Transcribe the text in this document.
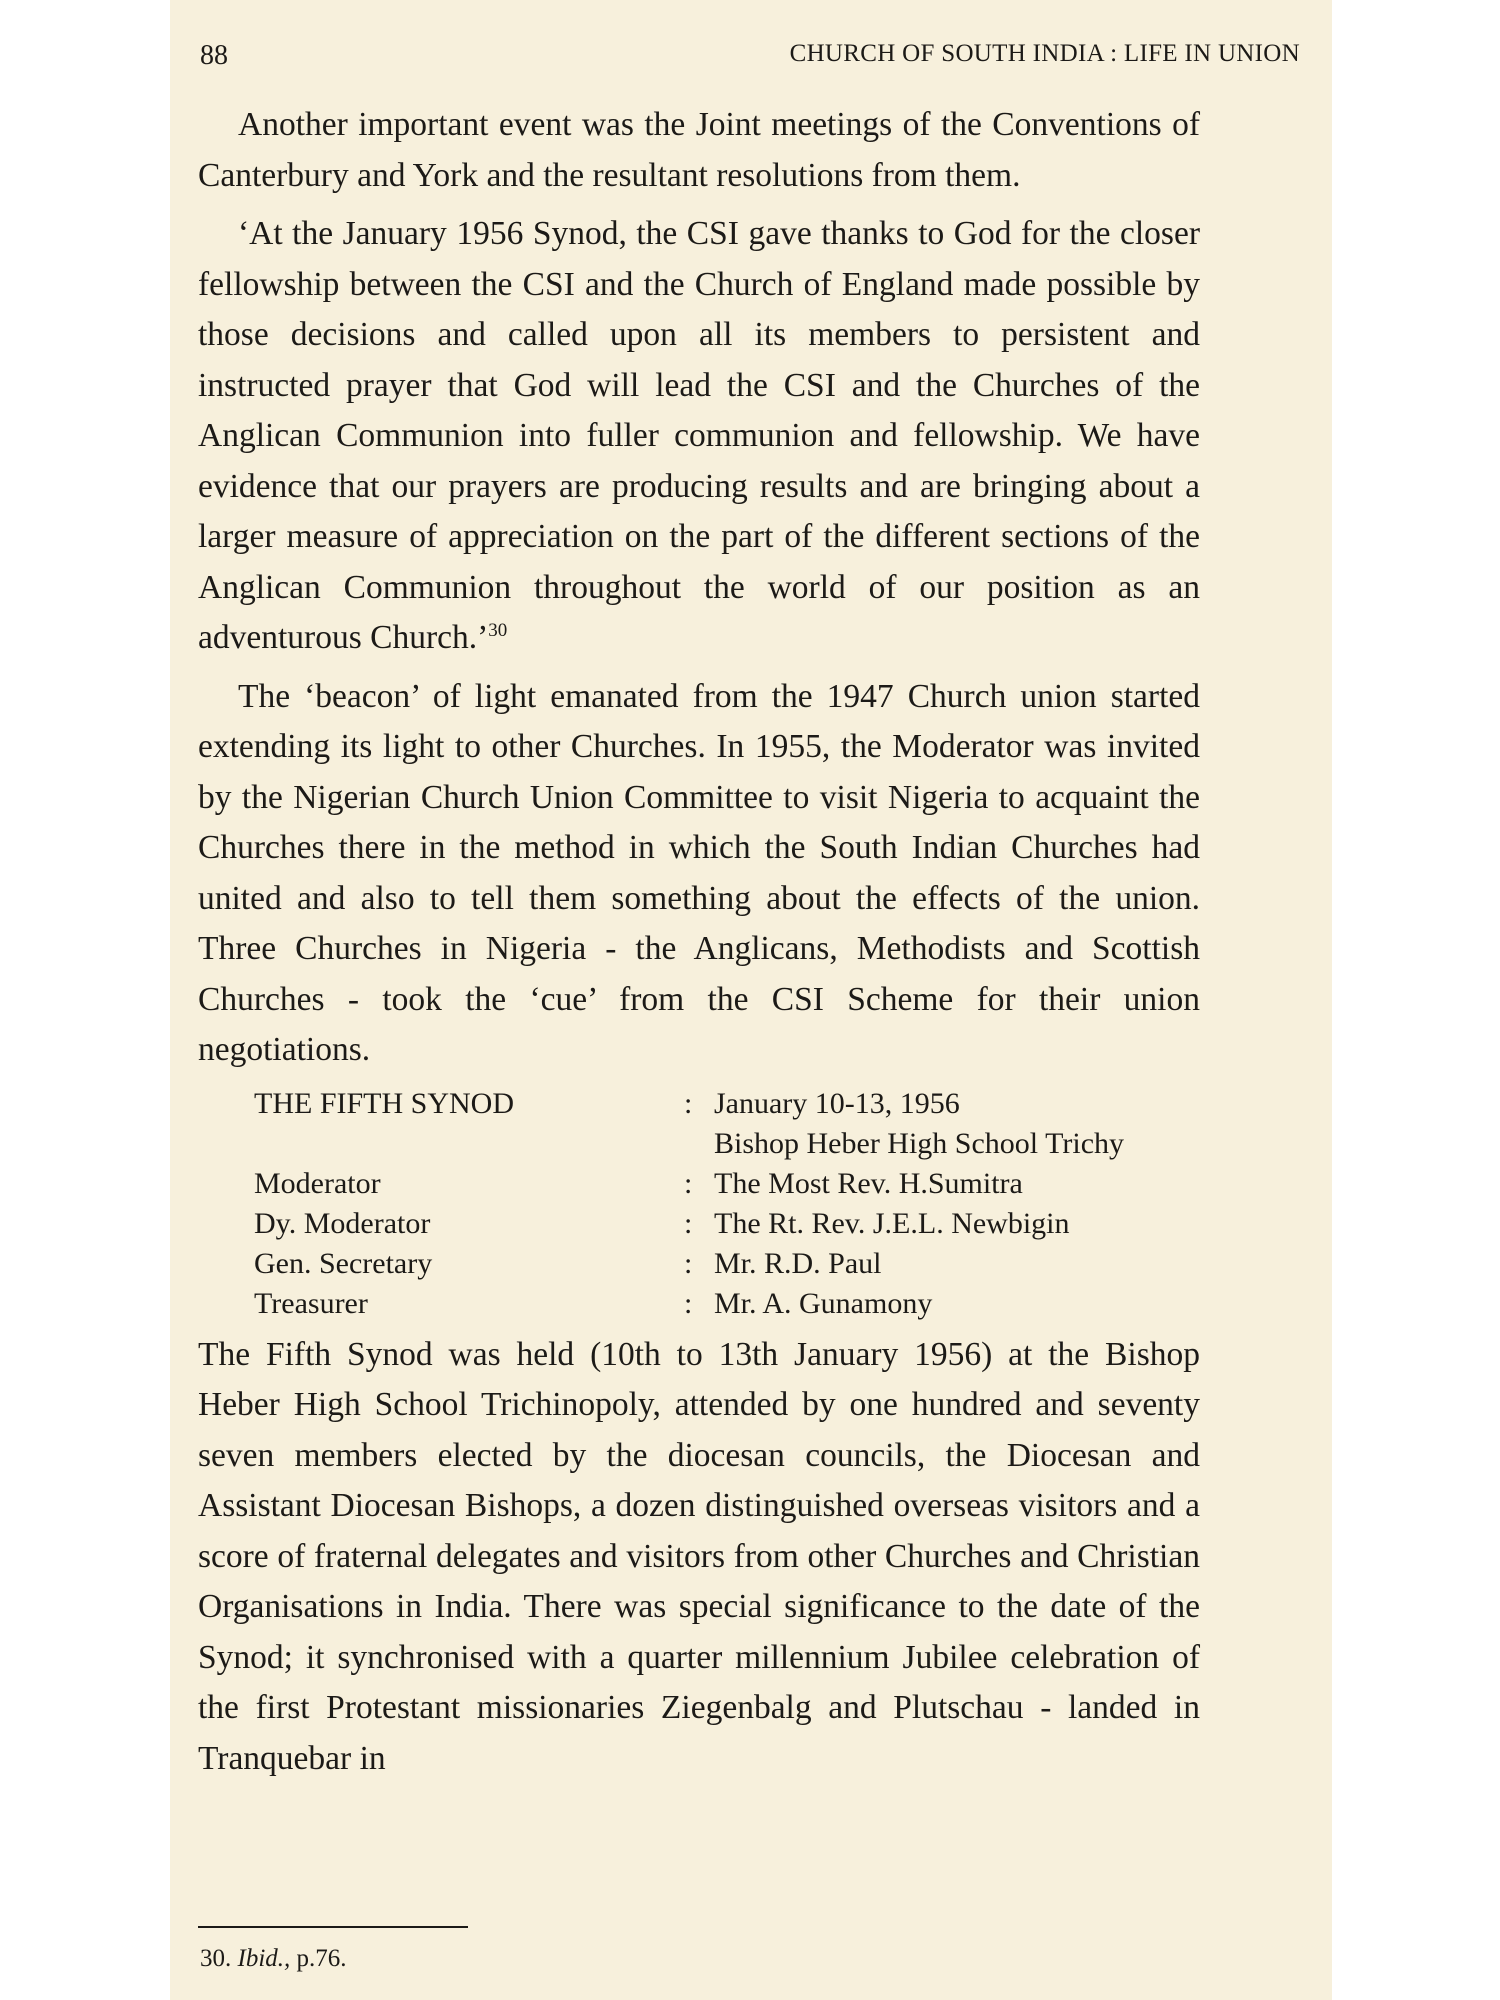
88	CHURCH OF SOUTH INDIA : LIFE IN UNION

Another important event was the Joint meetings of the Conventions of Canterbury and York and the resultant resolutions from them.

‘At the January 1956 Synod, the CSI gave thanks to God for the closer fellowship between the CSI and the Church of England made possible by those decisions and called upon all its members to persistent and instructed prayer that God will lead the CSI and the Churches of the Anglican Communion into fuller communion and fellowship. We have evidence that our prayers are producing results and are bringing about a larger measure of appreciation on the part of the different sections of the Anglican Communion throughout the world of our position as an adventurous Church.’$^{30}$

The ‘beacon’ of light emanated from the 1947 Church union started extending its light to other Churches. In 1955, the Moderator was invited by the Nigerian Church Union Committee to visit Nigeria to acquaint the Churches there in the method in which the South Indian Churches had united and also to tell them something about the effects of the union. Three Churches in Nigeria - the Anglicans, Methodists and Scottish Churches - took the ‘cue’ from the CSI Scheme for their union negotiations.

THE FIFTH SYNOD	:	January 10-13, 1956
		Bishop Heber High School Trichy
Moderator	:	The Most Rev. H.Sumitra
Dy. Moderator	:	The Rt. Rev. J.E.L. Newbigin
Gen. Secretary	:	Mr. R.D. Paul
Treasurer	:	Mr. A. Gunamony

The Fifth Synod was held (10th to 13th January 1956) at the Bishop Heber High School Trichinopoly, attended by one hundred and seventy seven members elected by the diocesan councils, the Diocesan and Assistant Diocesan Bishops, a dozen distinguished overseas visitors and a score of fraternal delegates and visitors from other Churches and Christian Organisations in India. There was special significance to the date of the Synod; it synchronised with a quarter millennium Jubilee celebration of the first Protestant missionaries Ziegenbalg and Plutschau - landed in Tranquebar in

30. Ibid., p.76.
